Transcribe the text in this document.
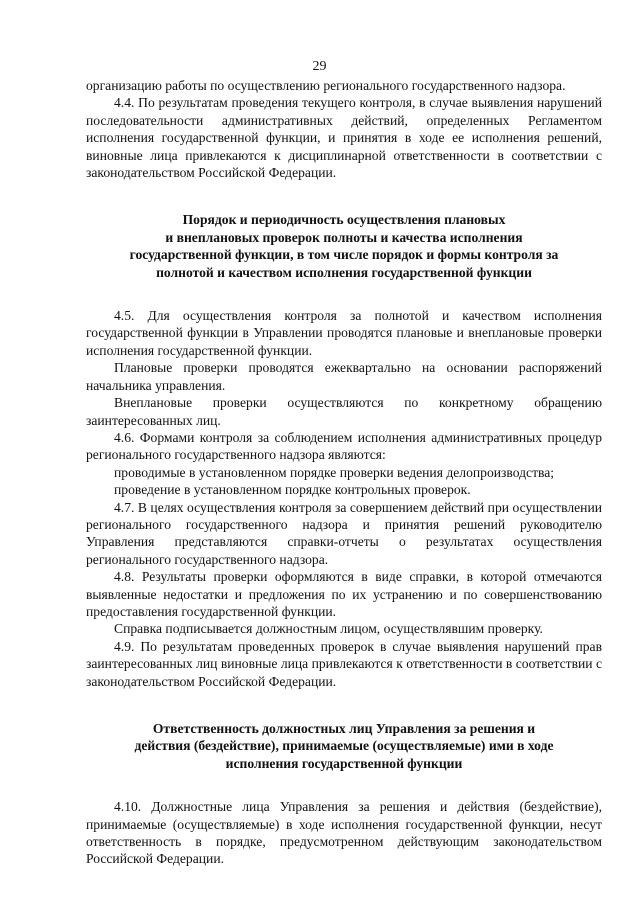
29

организацию работы по осуществлению регионального государственного надзора.

4.4. По результатам проведения текущего контроля, в случае выявления нарушений последовательности административных действий, определенных Регламентом исполнения государственной функции, и принятия в ходе ее исполнения решений, виновные лица привлекаются к дисциплинарной ответственности в соответствии с законодательством Российской Федерации.

Порядок и периодичность осуществления плановых
и внеплановых проверок полноты и качества исполнения
государственной функции, в том числе порядок и формы контроля за
полнотой и качеством исполнения государственной функции

4.5. Для осуществления контроля за полнотой и качеством исполнения государственной функции в Управлении проводятся плановые и внеплановые проверки исполнения государственной функции.

Плановые проверки проводятся ежеквартально на основании распоряжений начальника управления.

Внеплановые проверки осуществляются по конкретному обращению заинтересованных лиц.

4.6. Формами контроля за соблюдением исполнения административных процедур регионального государственного надзора являются:

проводимые в установленном порядке проверки ведения делопроизводства;

проведение в установленном порядке контрольных проверок.

4.7. В целях осуществления контроля за совершением действий при осуществлении регионального государственного надзора и принятия решений руководителю Управления представляются справки-отчеты о результатах осуществления регионального государственного надзора.

4.8. Результаты проверки оформляются в виде справки, в которой отмечаются выявленные недостатки и предложения по их устранению и по совершенствованию предоставления государственной функции.

Справка подписывается должностным лицом, осуществлявшим проверку.

4.9. По результатам проведенных проверок в случае выявления нарушений прав заинтересованных лиц виновные лица привлекаются к ответственности в соответствии с законодательством Российской Федерации.

Ответственность должностных лиц Управления за решения и
действия (бездействие), принимаемые (осуществляемые) ими в ходе
исполнения государственной функции

4.10. Должностные лица Управления за решения и действия (бездействие), принимаемые (осуществляемые) в ходе исполнения государственной функции, несут ответственность в порядке, предусмотренном действующим законодательством Российской Федерации.
